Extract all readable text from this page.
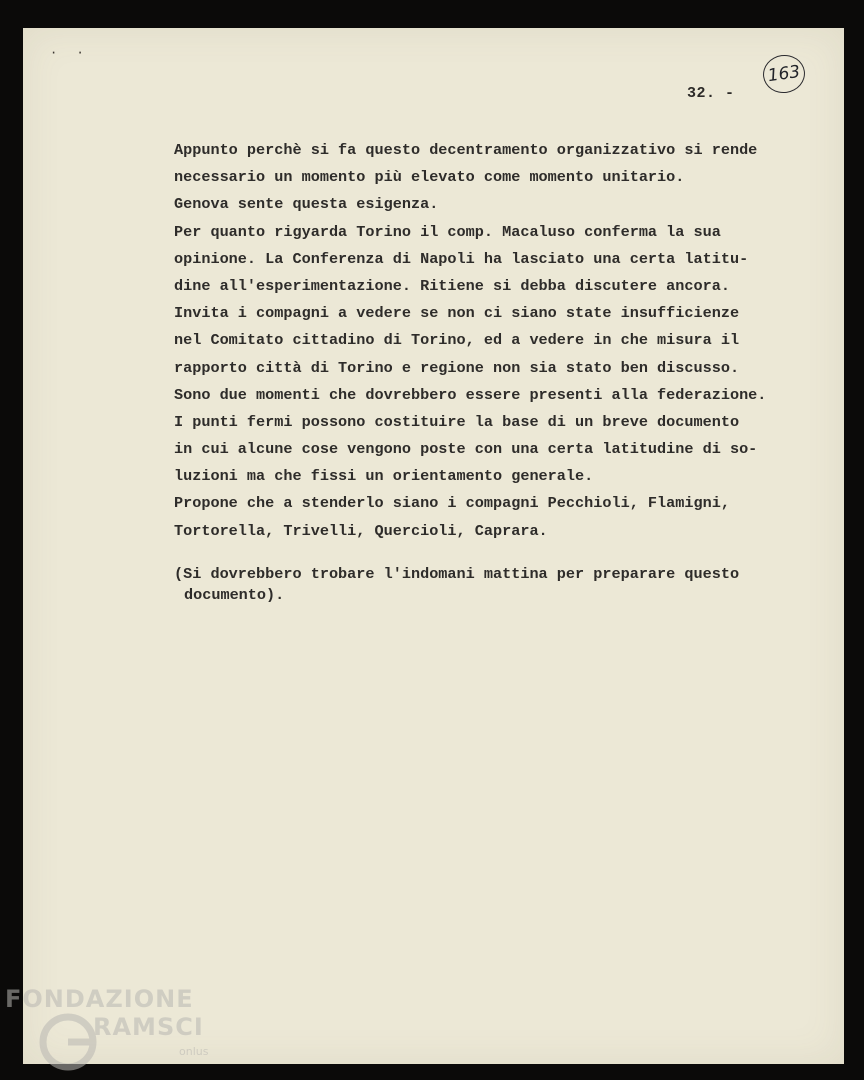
· ·
32. -
163
Appunto perchè si fa questo decentramento organizzativo si rende
necessario un momento più elevato come momento unitario.
Genova sente questa esigenza.
Per quanto rigyarda Torino il comp. Macaluso conferma la sua
opinione. La Conferenza di Napoli ha lasciato una certa latitu-
dine all'esperimentazione. Ritiene si debba discutere ancora.
Invita i compagni a vedere se non ci siano state insufficienze
nel Comitato cittadino di Torino, ed a vedere in che misura il
rapporto città di Torino e regione non sia stato ben discusso.
Sono due momenti che dovrebbero essere presenti alla federazione.
I punti fermi possono costituire la base di un breve documento
in cui alcune cose vengono poste con una certa latitudine di so-
luzioni ma che fissi un orientamento generale.
Propone che a stenderlo siano i compagni Pecchioli, Flamigni,
Tortorella, Trivelli, Quercioli, Caprara.
(Si dovrebbero trobare l'indomani mattina per preparare questo
documento).
FONDAZIONE
RAMSCI
onlus
